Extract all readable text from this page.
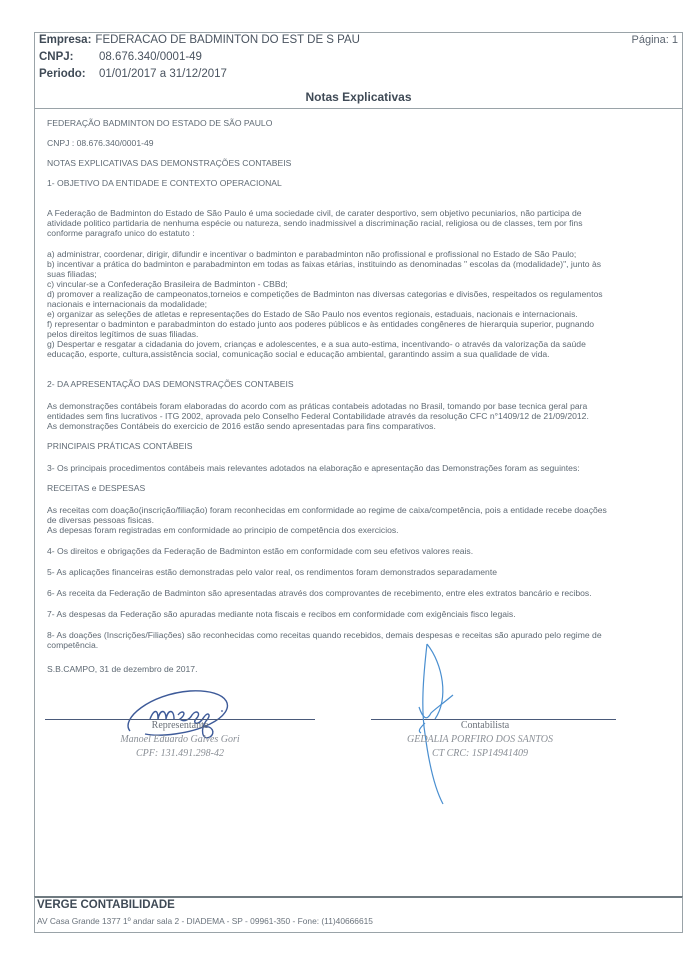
Empresa: FEDERACAO DE BADMINTON DO EST DE S PAU
CNPJ: 08.676.340/0001-49
Periodo: 01/01/2017 a 31/12/2017
Página: 1
Notas Explicativas
FEDERAÇÃO BADMINTON DO ESTADO DE SÃO PAULO
CNPJ : 08.676.340/0001-49
NOTAS EXPLICATIVAS DAS DEMONSTRAÇÕES CONTABEIS
1- OBJETIVO DA ENTIDADE E CONTEXTO OPERACIONAL
A Federação de Badminton do Estado de São Paulo é uma sociedade civil, de carater desportivo, sem objetivo pecuniarios, não participa de
atividade politico partidaria de nenhuma espécie ou natureza, sendo inadmissivel a discriminação racial, religiosa ou de classes, tem por fins
conforme paragrafo unico do estatuto :
a) administrar, coordenar, dirigir, difundir e incentivar o badminton e parabadminton não profissional e profissional no Estado de São Paulo;
b) incentivar a prática do badminton e parabadminton em todas as faixas etárias, instituindo as denominadas " escolas da (modalidade)", junto às
suas filiadas;
c) vincular-se a Confederação Brasileira de Badminton - CBBd;
d) promover a realização de campeonatos,torneios e competições de Badminton nas diversas categorias e divisões, respeitados os regulamentos
nacionais e internacionais da modalidade;
e) organizar as seleções de atletas e representações do Estado de São Paulo nos eventos regionais, estaduais, nacionais e internacionais.
f) representar o badminton e parabadminton do estado junto aos poderes públicos e às entidades congêneres de hierarquia superior, pugnando
pelos direitos legítimos de suas filiadas.
g) Despertar e resgatar a cidadania do jovem, crianças e adolescentes, e a sua auto-estima, incentivando- o através da valorizaçõa da saúde
educação, esporte, cultura,assistência social, comunicação social e educação ambiental, garantindo assim a sua qualidade de vida.
2- DA APRESENTAÇÃO DAS DEMONSTRAÇÕES CONTABEIS
As demonstrações contábeis foram elaboradas do acordo com as práticas contabeis adotadas no Brasil, tomando por base tecnica geral para
entidades sem fins lucrativos - ITG 2002, aprovada pelo Conselho Federal Contabilidade através da resolução CFC n°1409/12 de 21/09/2012.
As demonstrações Contábeis do exercicio de 2016 estão sendo apresentadas para fins comparativos.
PRINCIPAIS PRÁTICAS CONTÁBEIS
3- Os principais procedimentos contábeis mais relevantes adotados na elaboração e apresentação das Demonstrações foram as seguintes:
RECEITAS e DESPESAS
As receitas com doação(inscrição/filiação) foram reconhecidas em conformidade ao regime de caixa/competência, pois a entidade recebe doações
de diversas pessoas fisicas.
As depesas foram registradas em conformidade ao principio de competência dos exercicios.
4- Os direitos e obrigações da Federação de Badminton estão em conformidade com seu efetivos valores reais.
5- As aplicações financeiras estão demonstradas pelo valor real, os rendimentos foram demonstrados separadamente
6- As receita da Federação de Badminton são apresentadas através dos comprovantes de recebimento, entre eles extratos bancário e recibos.
7- As despesas da Federação são apuradas mediante nota fiscais e recibos em conformidade com exigênciais fisco legais.
8- As doações (Inscrições/Filiações) são reconhecidas como receitas quando recebidos, demais despesas e receitas são apurado pelo regime de
competência.
S.B.CAMPO, 31 de dezembro de 2017.
Representante
Manoel Eduardo Galves Gori
CPF: 131.491.298-42
Contabilista
GEDALIA PORFIRO DOS SANTOS
CT CRC: 1SP14941409
VERGE CONTABILIDADE
AV Casa Grande 1377 1º andar sala 2 - DIADEMA - SP - 09961-350 - Fone: (11)40666615
